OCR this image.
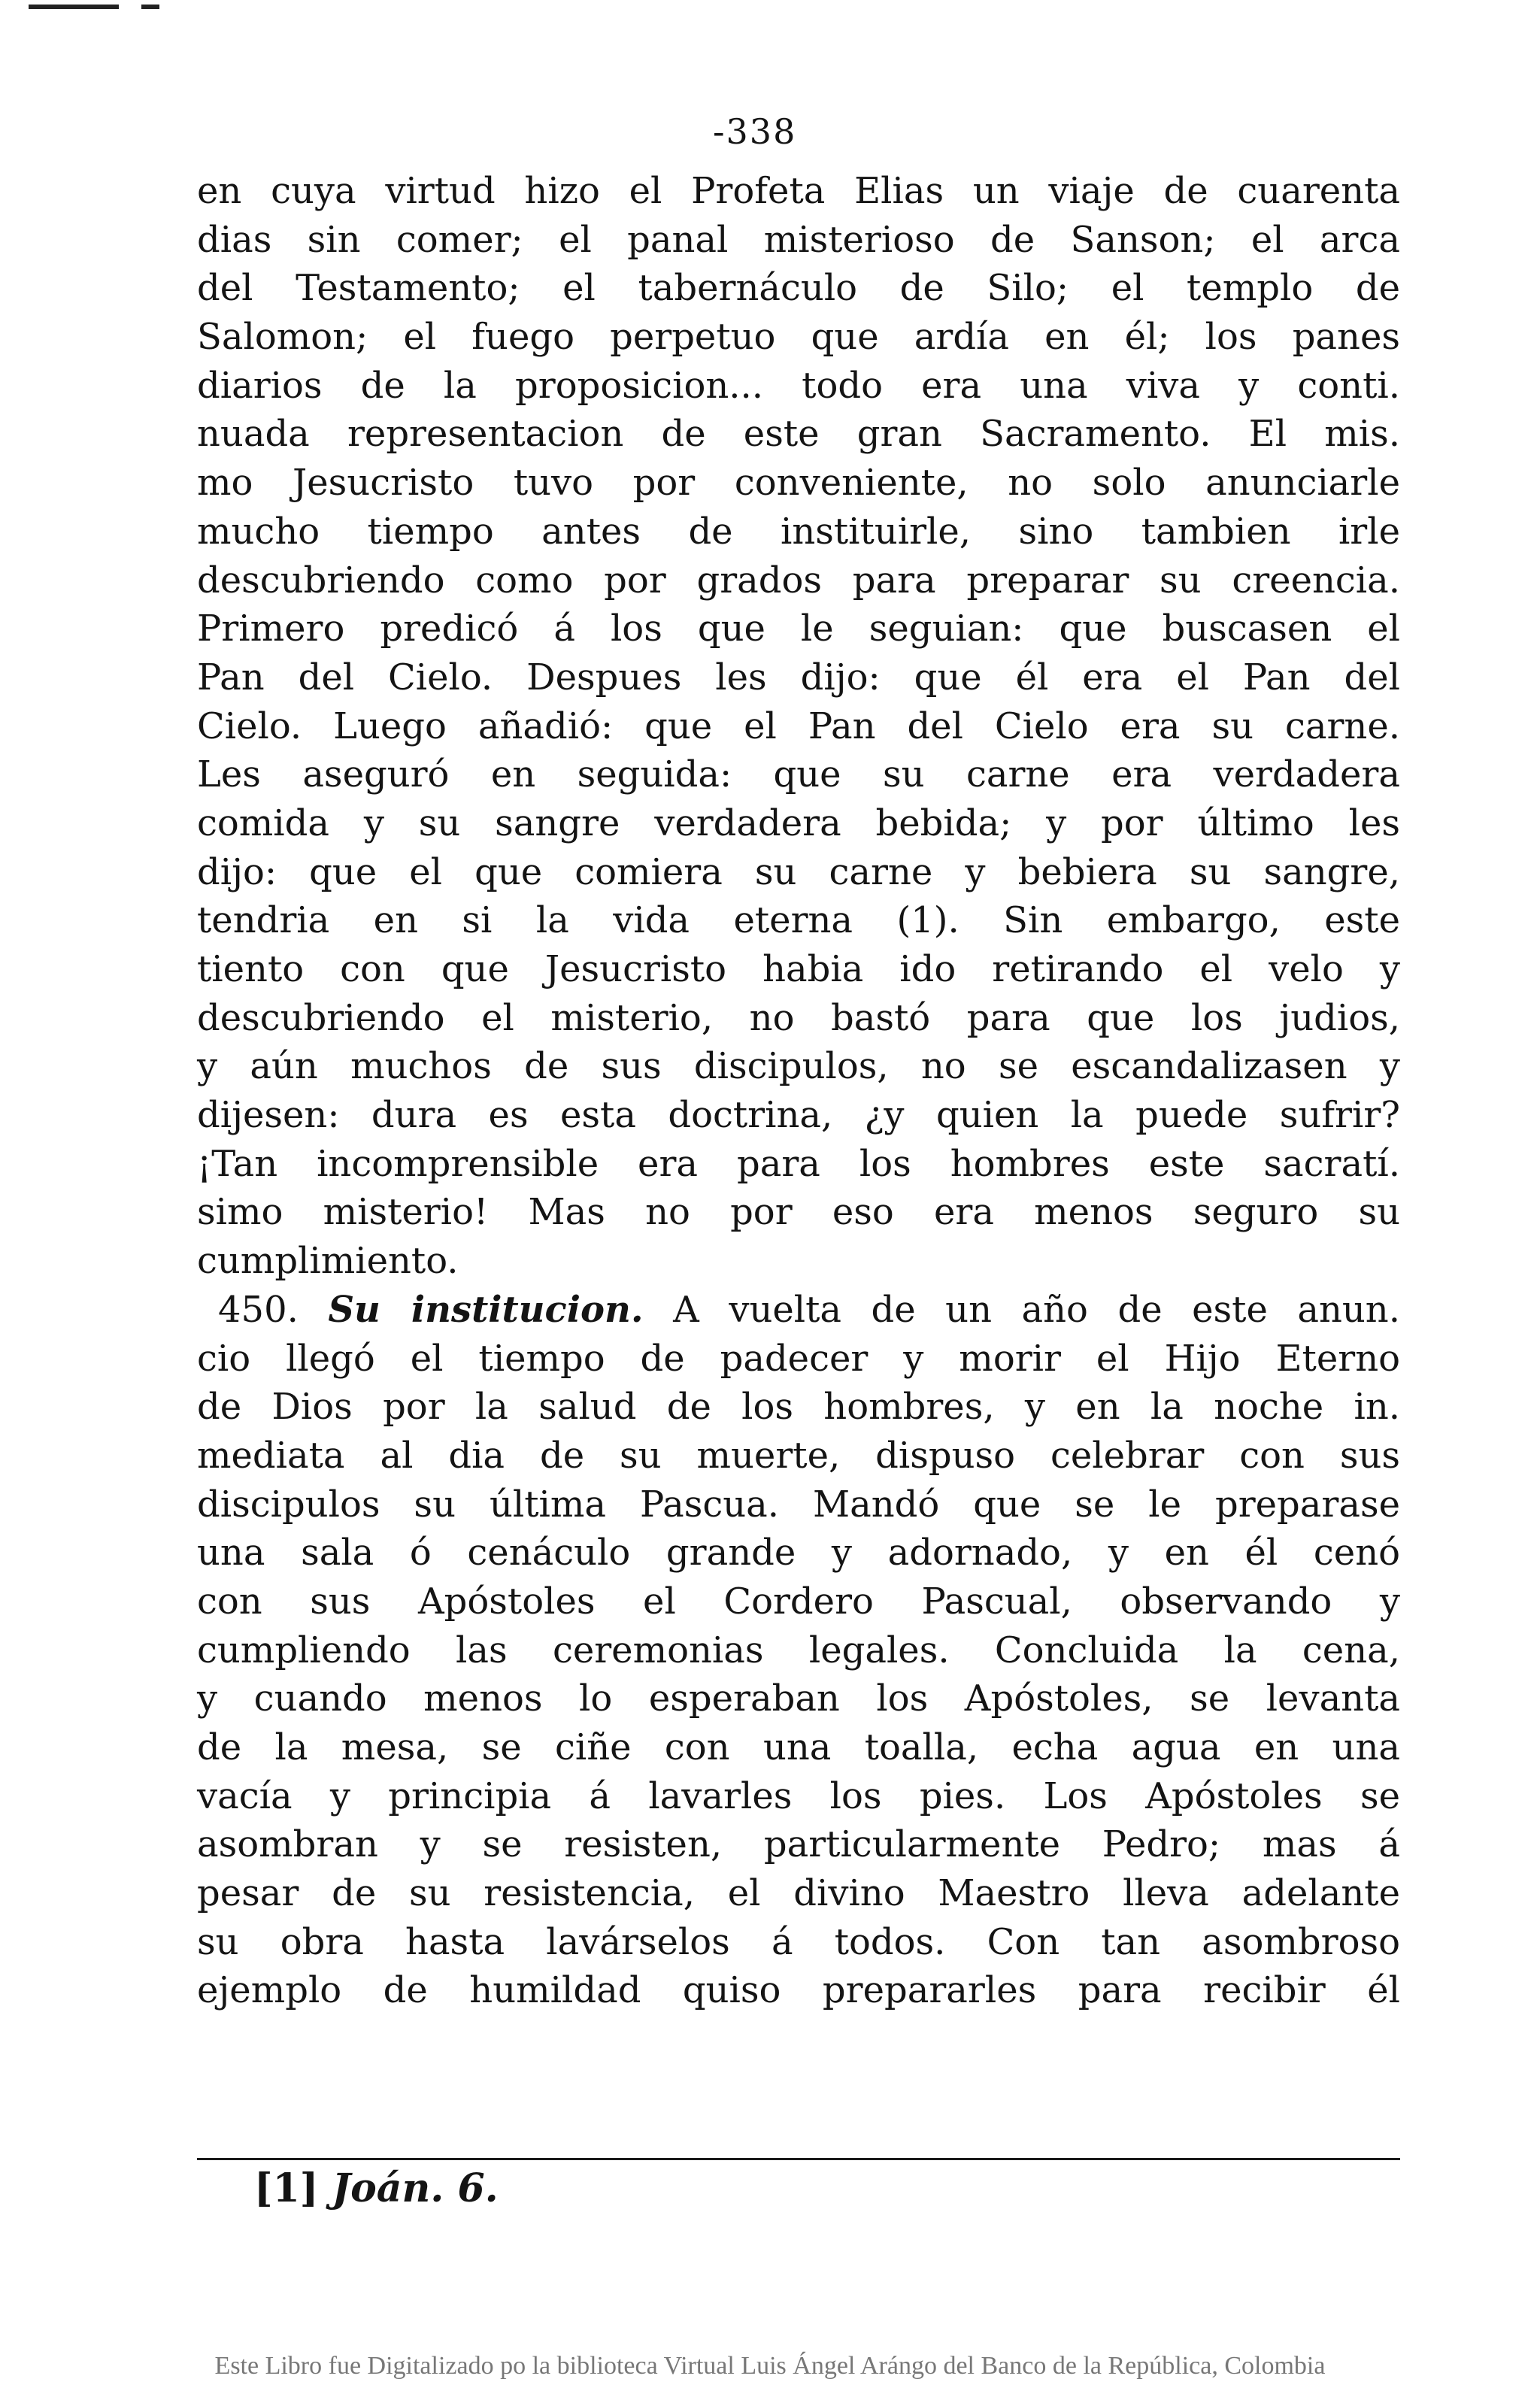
-338
en cuya virtud hizo el Profeta Elias un viaje de cuarenta
dias sin comer; el panal misterioso de Sanson; el arca
del Testamento; el tabernáculo de Silo; el templo de
Salomon; el fuego perpetuo que ardía en él; los panes
diarios de la proposicion... todo era una viva y conti.
nuada representacion de este gran Sacramento. El mis.
mo Jesucristo tuvo por conveniente, no solo anunciarle
mucho tiempo antes de instituirle, sino tambien irle
descubriendo como por grados para preparar su creencia.
Primero predicó á los que le seguian: que buscasen el
Pan del Cielo. Despues les dijo: que él era el Pan del
Cielo. Luego añadió: que el Pan del Cielo era su carne.
Les aseguró en seguida: que su carne era verdadera
comida y su sangre verdadera bebida; y por último les
dijo: que el que comiera su carne y bebiera su sangre,
tendria en si la vida eterna (1). Sin embargo, este
tiento con que Jesucristo habia ido retirando el velo y
descubriendo el misterio, no bastó para que los judios,
y aún muchos de sus discipulos, no se escandalizasen y
dijesen: dura es esta doctrina, ¿y quien la puede sufrir?
¡Tan incomprensible era para los hombres este sacratí.
simo misterio! Mas no por eso era menos seguro su
cumplimiento.
450. Su institucion. A vuelta de un año de este anun.
cio llegó el tiempo de padecer y morir el Hijo Eterno
de Dios por la salud de los hombres, y en la noche in.
mediata al dia de su muerte, dispuso celebrar con sus
discipulos su última Pascua. Mandó que se le preparase
una sala ó cenáculo grande y adornado, y en él cenó
con sus Apóstoles el Cordero Pascual, observando y
cumpliendo las ceremonias legales. Concluida la cena,
y cuando menos lo esperaban los Apóstoles, se levanta
de la mesa, se ciñe con una toalla, echa agua en una
vacía y principia á lavarles los pies. Los Apóstoles se
asombran y se resisten, particularmente Pedro; mas á
pesar de su resistencia, el divino Maestro lleva adelante
su obra hasta lavárselos á todos. Con tan asombroso
ejemplo de humildad quiso prepararles para recibir él
[1] Joán. 6.
Este Libro fue Digitalizado po la biblioteca Virtual Luis Ángel Arángo del Banco de la República, Colombia
